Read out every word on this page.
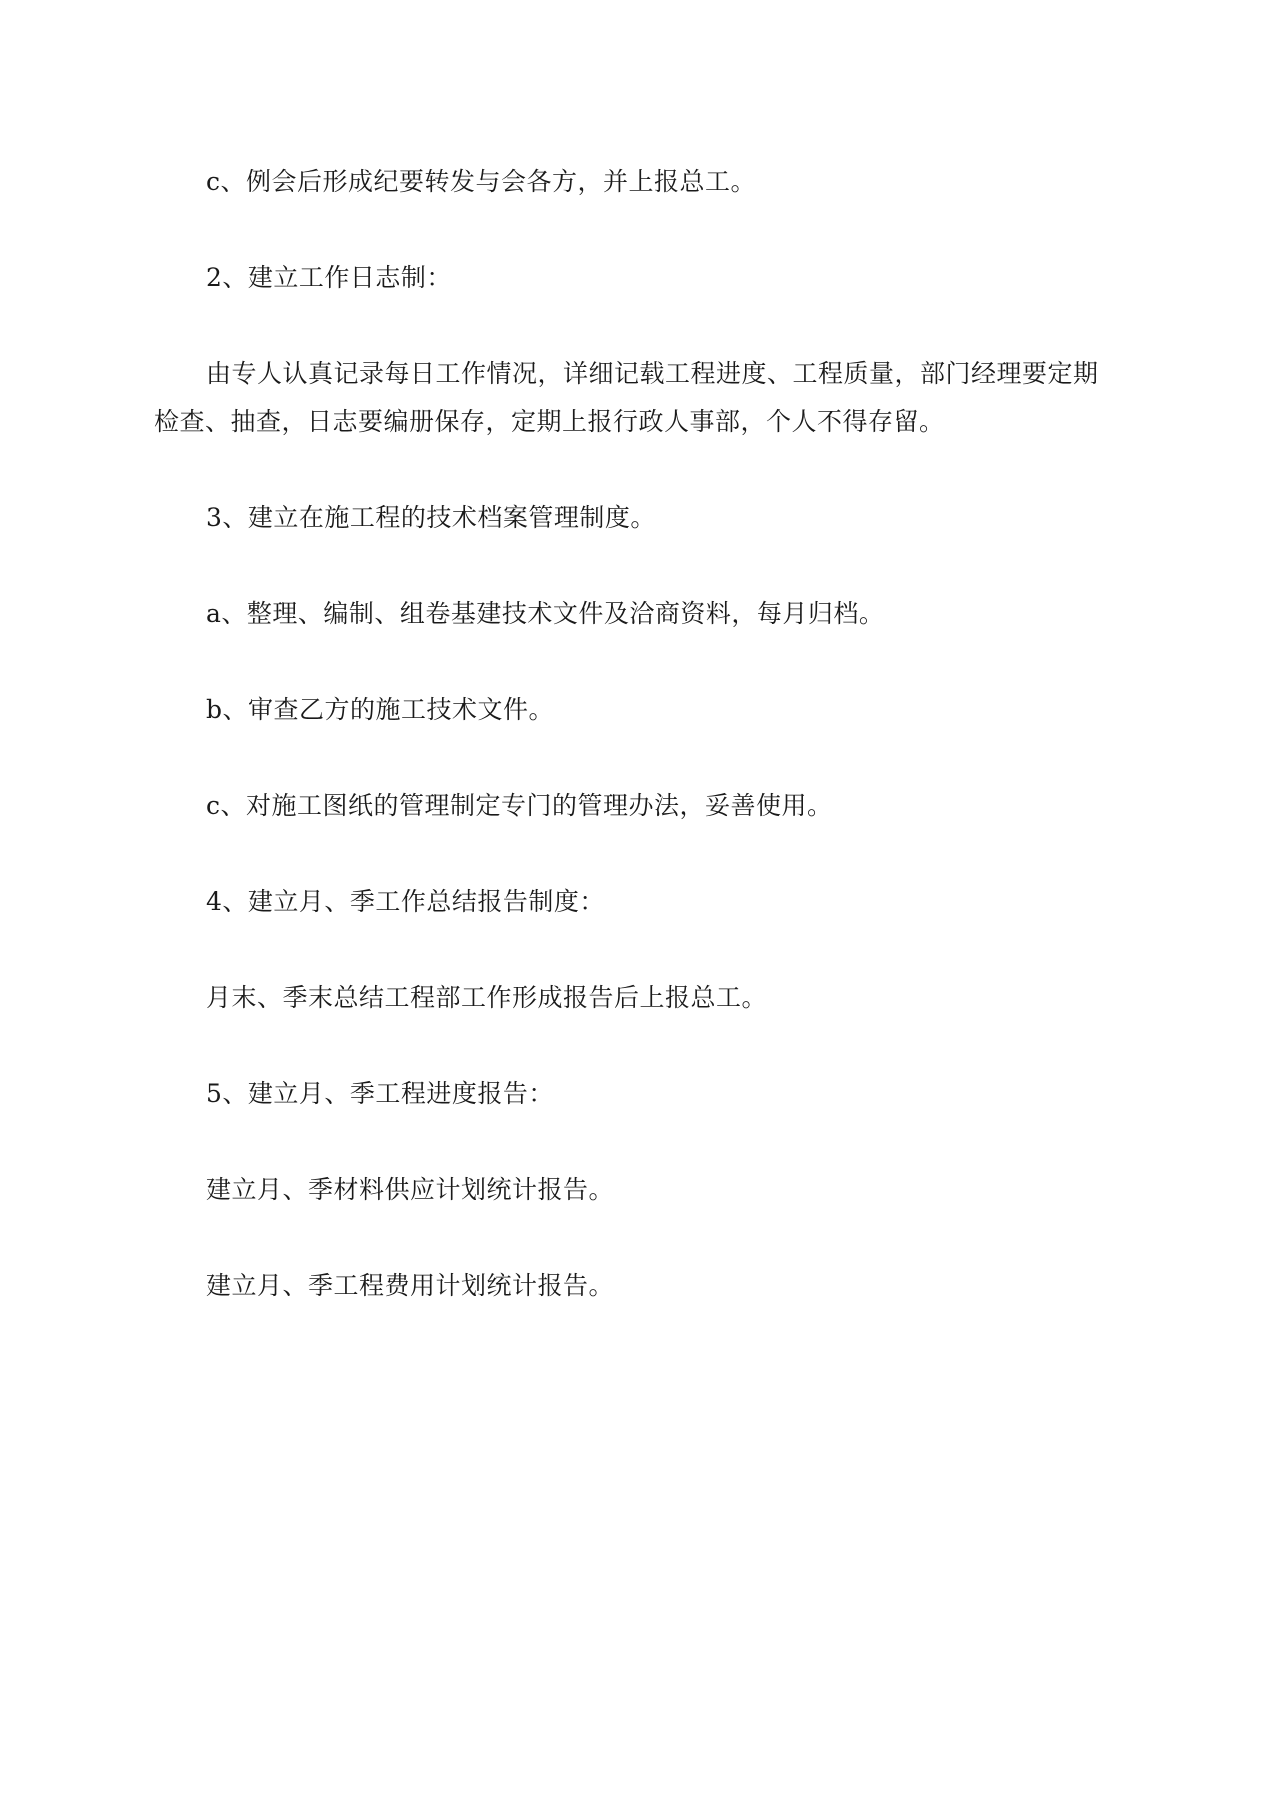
c、例会后形成纪要转发与会各方，并上报总工。

2、建立工作日志制：

由专人认真记录每日工作情况，详细记载工程进度、工程质量，部门经理要定期

检查、抽查，日志要编册保存，定期上报行政人事部，个人不得存留。

3、建立在施工程的技术档案管理制度。

a、整理、编制、组卷基建技术文件及洽商资料，每月归档。

b、审查乙方的施工技术文件。

c、对施工图纸的管理制定专门的管理办法，妥善使用。

4、建立月、季工作总结报告制度：

月末、季末总结工程部工作形成报告后上报总工。

5、建立月、季工程进度报告：

建立月、季材料供应计划统计报告。

建立月、季工程费用计划统计报告。
